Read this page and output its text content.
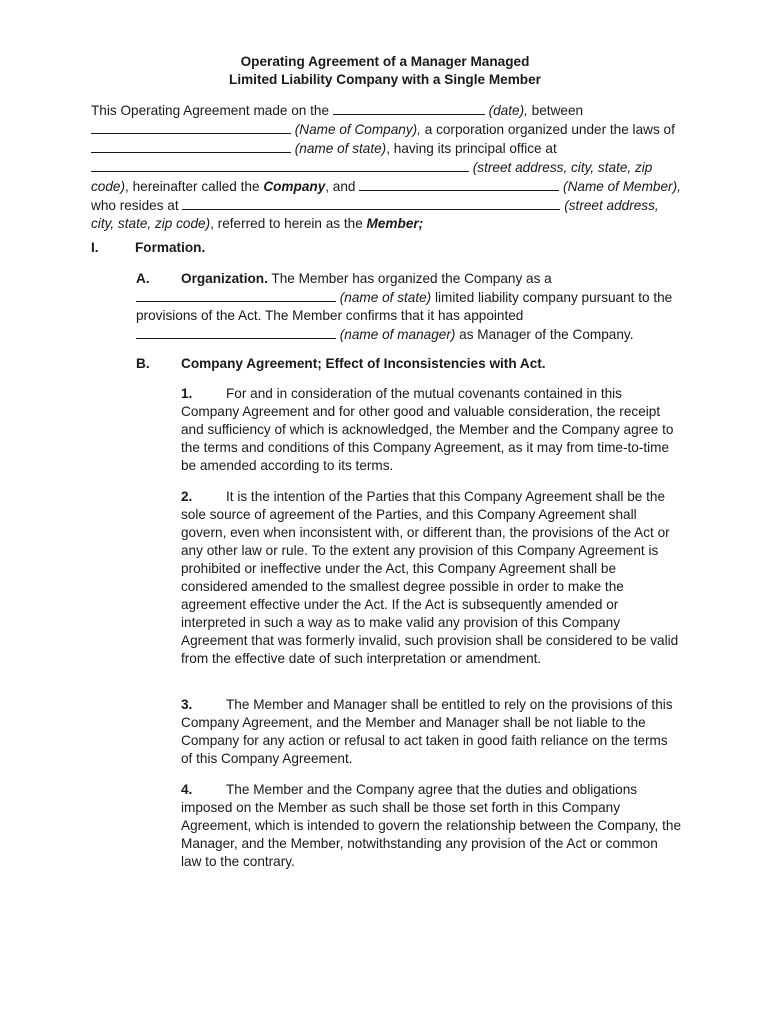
Operating Agreement of a Manager Managed
Limited Liability Company with a Single Member
This Operating Agreement made on the	(date), between  (Name of Company), a corporation organized under the laws of  (name of state), having its principal office at  (street address, city, state, zip code), hereinafter called the Company, and	(Name of Member), who resides at	(street address, city, state, zip code), referred to herein as the Member;
I.	Formation.
A. Organization. The Member has organized the Company as a  (name of state) limited liability company pursuant to the provisions of the Act. The Member confirms that it has appointed  (name of manager) as Manager of the Company.
B. Company Agreement; Effect of Inconsistencies with Act.
1. For and in consideration of the mutual covenants contained in this Company Agreement and for other good and valuable consideration, the receipt and sufficiency of which is acknowledged, the Member and the Company agree to the terms and conditions of this Company Agreement, as it may from time-to-time be amended according to its terms.
2. It is the intention of the Parties that this Company Agreement shall be the sole source of agreement of the Parties, and this Company Agreement shall govern, even when inconsistent with, or different than, the provisions of the Act or any other law or rule. To the extent any provision of this Company Agreement is prohibited or ineffective under the Act, this Company Agreement shall be considered amended to the smallest degree possible in order to make the agreement effective under the Act. If the Act is subsequently amended or interpreted in such a way as to make valid any provision of this Company Agreement that was formerly invalid, such provision shall be considered to be valid from the effective date of such interpretation or amendment.
3. The Member and Manager shall be entitled to rely on the provisions of this Company Agreement, and the Member and Manager shall be not liable to the Company for any action or refusal to act taken in good faith reliance on the terms of this Company Agreement.
4. The Member and the Company agree that the duties and obligations imposed on the Member as such shall be those set forth in this Company Agreement, which is intended to govern the relationship between the Company, the Manager, and the Member, notwithstanding any provision of the Act or common law to the contrary.
